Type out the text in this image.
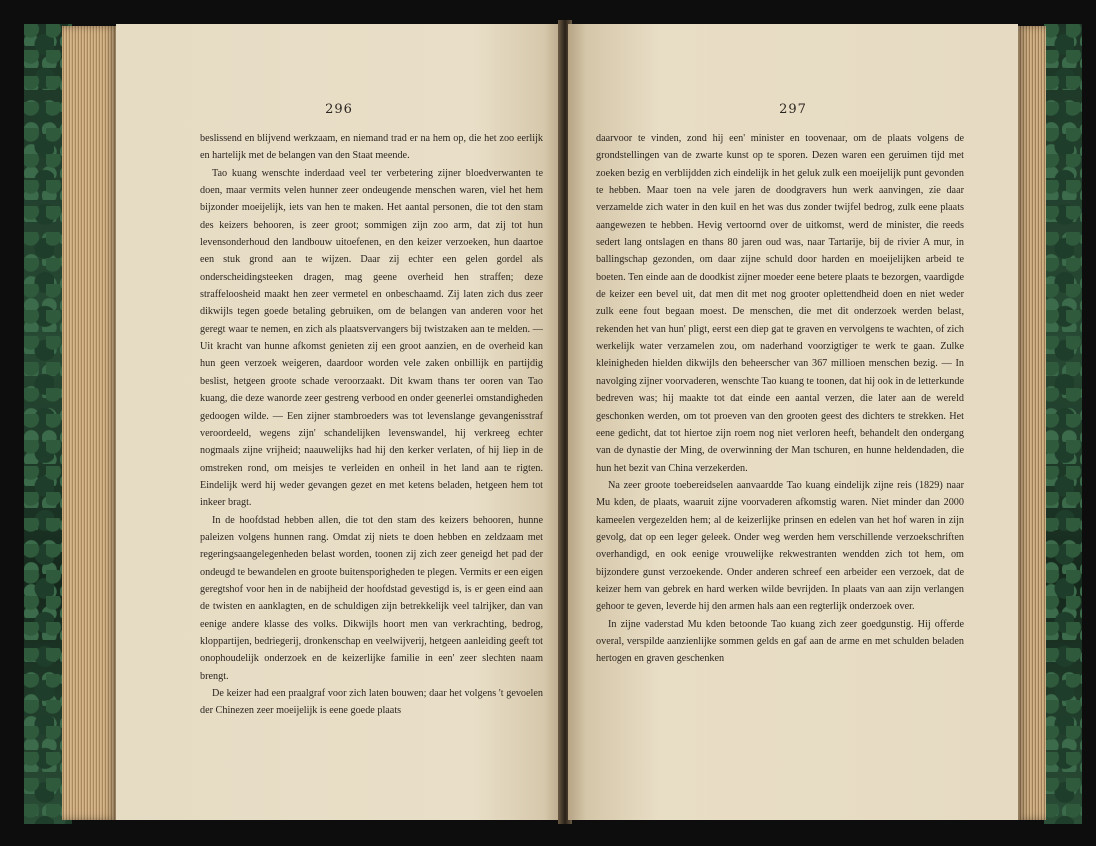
296

beslissend en blijvend werkzaam, en niemand trad er na hem op, die het zoo eerlijk en hartelijk met de belangen van den Staat meende.

Tao kuang wenschte inderdaad veel ter verbetering zijner bloedverwanten te doen, maar vermits velen hunner zeer ondeugende menschen waren, viel het hem bijzonder moeijelijk, iets van hen te maken. Het aantal personen, die tot den stam des keizers behooren, is zeer groot; sommigen zijn zoo arm, dat zij tot hun levensonderhoud den landbouw uitoefenen, en den keizer verzoeken, hun daartoe een stuk grond aan te wijzen. Daar zij echter een gelen gordel als onderscheidingsteeken dragen, mag geene overheid hen straffen; deze straffeloosheid maakt hen zeer vermetel en onbeschaamd. Zij laten zich dus zeer dikwijls tegen goede betaling gebruiken, om de belangen van anderen voor het geregt waar te nemen, en zich als plaatsvervangers bij twistzaken aan te melden. — Uit kracht van hunne afkomst genieten zij een groot aanzien, en de overheid kan hun geen verzoek weigeren, daardoor worden vele zaken onbillijk en partijdig beslist, hetgeen groote schade veroorzaakt. Dit kwam thans ter ooren van Tao kuang, die deze wanorde zeer gestreng verbood en onder geenerlei omstandigheden gedoogen wilde. — Een zijner stambroeders was tot levenslange gevangenisstraf veroordeeld, wegens zijn' schandelijken levenswandel, hij verkreeg echter nogmaals zijne vrijheid; naauwelijks had hij den kerker verlaten, of hij liep in de omstreken rond, om meisjes te verleiden en onheil in het land aan te rigten. Eindelijk werd hij weder gevangen gezet en met ketens beladen, hetgeen hem tot inkeer bragt.

In de hoofdstad hebben allen, die tot den stam des keizers behooren, hunne paleizen volgens hunnen rang. Omdat zij niets te doen hebben en zeldzaam met regeringsaangelegenheden belast worden, toonen zij zich zeer geneigd het pad der ondeugd te bewandelen en groote buitensporigheden te plegen. Vermits er een eigen geregtshof voor hen in de nabijheid der hoofdstad gevestigd is, is er geen eind aan de twisten en aanklagten, en de schuldigen zijn betrekkelijk veel talrijker, dan van eenige andere klasse des volks. Dikwijls hoort men van verkrachting, bedrog, kloppartijen, bedriegerij, dronkenschap en veelwijverij, hetgeen aanleiding geeft tot onophoudelijk onderzoek en de keizerlijke familie in een' zeer slechten naam brengt.

De keizer had een praalgraf voor zich laten bouwen; daar het volgens 't gevoelen der Chinezen zeer moeijelijk is eene goede plaats

297

daarvoor te vinden, zond hij een' minister en toovenaar, om de plaats volgens de grondstellingen van de zwarte kunst op te sporen. Dezen waren een geruimen tijd met zoeken bezig en verblijdden zich eindelijk in het geluk zulk een moeijelijk punt gevonden te hebben. Maar toen na vele jaren de doodgravers hun werk aanvingen, zie daar verzamelde zich water in den kuil en het was dus zonder twijfel bedrog, zulk eene plaats aangewezen te hebben. Hevig vertoornd over de uitkomst, werd de minister, die reeds sedert lang ontslagen en thans 80 jaren oud was, naar Tartarije, bij de rivier A mur, in ballingschap gezonden, om daar zijne schuld door harden en moeijelijken arbeid te boeten. Ten einde aan de doodkist zijner moeder eene betere plaats te bezorgen, vaardigde de keizer een bevel uit, dat men dit met nog grooter oplettendheid doen en niet weder zulk eene fout begaan moest. De menschen, die met dit onderzoek werden belast, rekenden het van hun' pligt, eerst een diep gat te graven en vervolgens te wachten, of zich werkelijk water verzamelen zou, om naderhand voorzigtiger te werk te gaan. Zulke kleinigheden hielden dikwijls den beheerscher van 367 millioen menschen bezig. — In navolging zijner voorvaderen, wenschte Tao kuang te toonen, dat hij ook in de letterkunde bedreven was; hij maakte tot dat einde een aantal verzen, die later aan de wereld geschonken werden, om tot proeven van den grooten geest des dichters te strekken. Het eene gedicht, dat tot hiertoe zijn roem nog niet verloren heeft, behandelt den ondergang van de dynastie der Ming, de overwinning der Man tschuren, en hunne heldendaden, die hun het bezit van China verzekerden.

Na zeer groote toebereidselen aanvaardde Tao kuang eindelijk zijne reis (1829) naar Mu kden, de plaats, waaruit zijne voorvaderen afkomstig waren. Niet minder dan 2000 kameelen vergezelden hem; al de keizerlijke prinsen en edelen van het hof waren in zijn gevolg, dat op een leger geleek. Onder weg werden hem verschillende verzoekschriften overhandigd, en ook eenige vrouwelijke rekwestranten wendden zich tot hem, om bijzondere gunst verzoekende. Onder anderen schreef een arbeider een verzoek, dat de keizer hem van gebrek en hard werken wilde bevrijden. In plaats van aan zijn verlangen gehoor te geven, leverde hij den armen hals aan een regterlijk onderzoek over.

In zijne vaderstad Mu kden betoonde Tao kuang zich zeer goedgunstig. Hij offerde overal, verspilde aanzienlijke sommen gelds en gaf aan de arme en met schulden beladen hertogen en graven geschenken
